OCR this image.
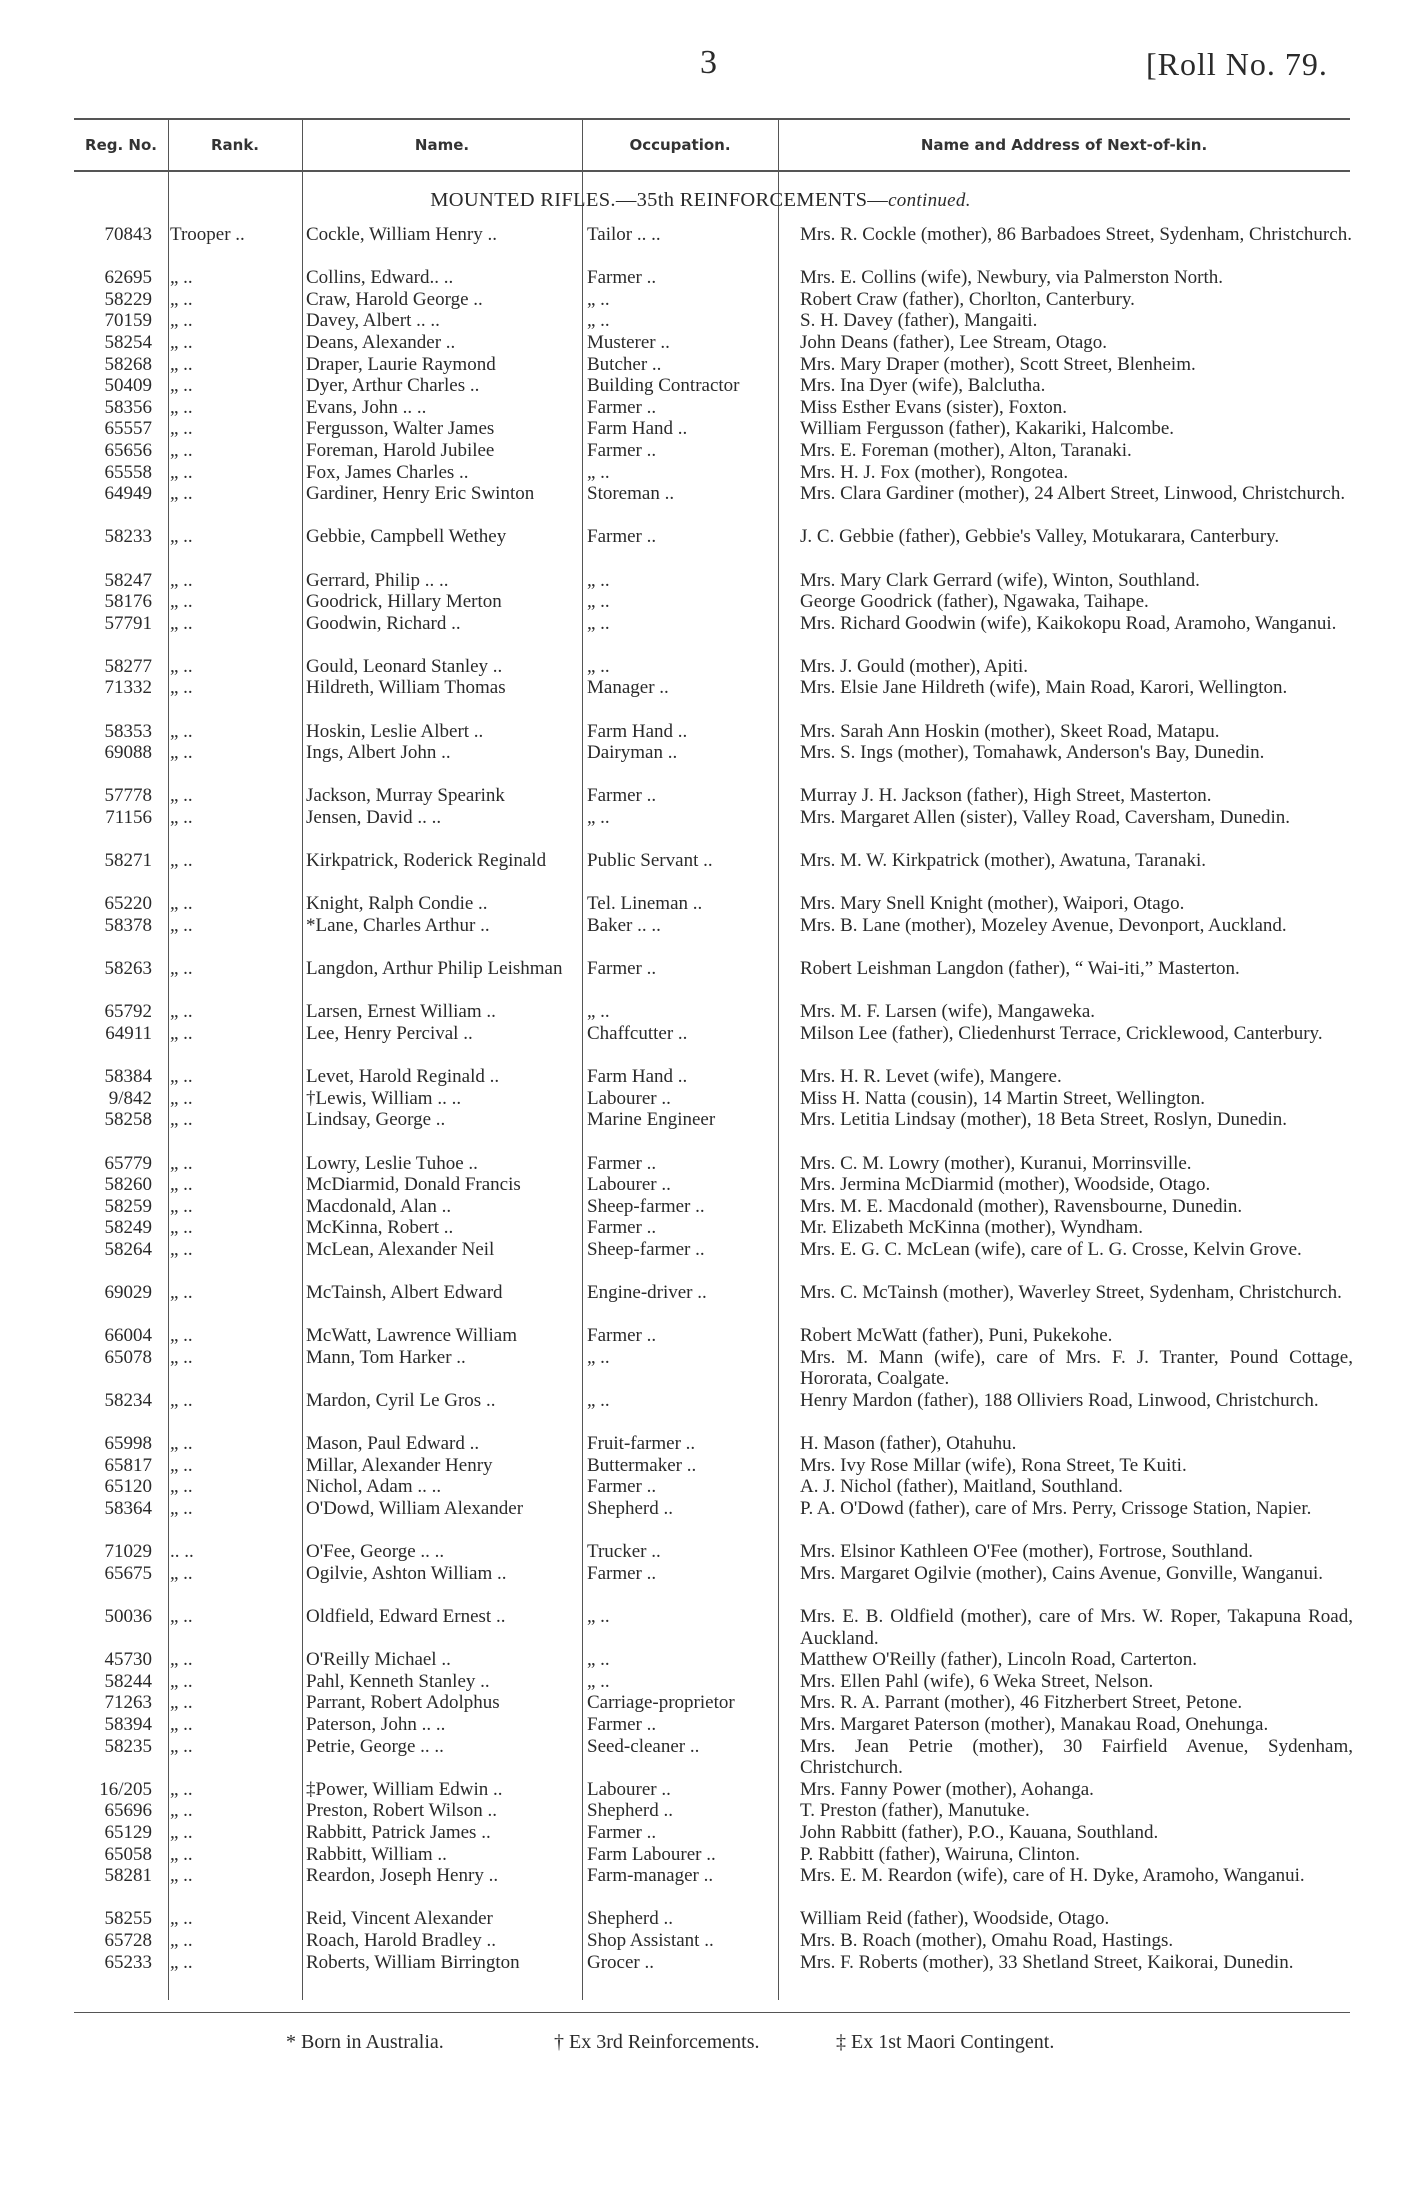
3	[Roll No. 79.
Reg. No.	Rank.	Name.	Occupation.	Name and Address of Next-of-kin.
MOUNTED RIFLES.—35th REINFORCEMENTS—continued.
70843 Trooper ..	Cockle, William Henry ..	Tailor .. ..	Mrs. R. Cockle (mother), 86 Barbadoes Street, Sydenham, Christchurch.
62695 „ ..	Collins, Edward.. ..	Farmer ..	Mrs. E. Collins (wife), Newbury, via Palmerston North.
58229 „ ..	Craw, Harold George ..	„ ..	Robert Craw (father), Chorlton, Canterbury.
70159 „ ..	Davey, Albert .. ..	„ ..	S. H. Davey (father), Mangaiti.
58254 „ ..	Deans, Alexander ..	Musterer ..	John Deans (father), Lee Stream, Otago.
58268 „ ..	Draper, Laurie Raymond	Butcher ..	Mrs. Mary Draper (mother), Scott Street, Blenheim.
50409 „ ..	Dyer, Arthur Charles ..	Building Contractor	Mrs. Ina Dyer (wife), Balclutha.
58356 „ ..	Evans, John .. ..	Farmer ..	Miss Esther Evans (sister), Foxton.
65557 „ ..	Fergusson, Walter James	Farm Hand ..	William Fergusson (father), Kakariki, Halcombe.
65656 „ ..	Foreman, Harold Jubilee	Farmer ..	Mrs. E. Foreman (mother), Alton, Taranaki.
65558 „ ..	Fox, James Charles ..	„ ..	Mrs. H. J. Fox (mother), Rongotea.
64949 „ ..	Gardiner, Henry Eric Swinton	Storeman ..	Mrs. Clara Gardiner (mother), 24 Albert Street, Linwood, Christchurch.
58233 „ ..	Gebbie, Campbell Wethey	Farmer ..	J. C. Gebbie (father), Gebbie's Valley, Motukarara, Canterbury.
58247 „ ..	Gerrard, Philip .. ..	„ ..	Mrs. Mary Clark Gerrard (wife), Winton, Southland.
58176 „ ..	Goodrick, Hillary Merton	„ ..	George Goodrick (father), Ngawaka, Taihape.
57791 „ ..	Goodwin, Richard ..	„ ..	Mrs. Richard Goodwin (wife), Kaikokopu Road, Aramoho, Wanganui.
58277 „ ..	Gould, Leonard Stanley ..	„ ..	Mrs. J. Gould (mother), Apiti.
71332 „ ..	Hildreth, William Thomas	Manager ..	Mrs. Elsie Jane Hildreth (wife), Main Road, Karori, Wellington.
58353 „ ..	Hoskin, Leslie Albert ..	Farm Hand ..	Mrs. Sarah Ann Hoskin (mother), Skeet Road, Matapu.
69088 „ ..	Ings, Albert John ..	Dairyman ..	Mrs. S. Ings (mother), Tomahawk, Anderson's Bay, Dunedin.
57778 „ ..	Jackson, Murray Spearink	Farmer ..	Murray J. H. Jackson (father), High Street, Masterton.
71156 „ ..	Jensen, David .. ..	„ ..	Mrs. Margaret Allen (sister), Valley Road, Caversham, Dunedin.
58271 „ ..	Kirkpatrick, Roderick Reginald	Public Servant ..	Mrs. M. W. Kirkpatrick (mother), Awatuna, Taranaki.
65220 „ ..	Knight, Ralph Condie ..	Tel. Lineman ..	Mrs. Mary Snell Knight (mother), Waipori, Otago.
58378 „ ..	*Lane, Charles Arthur ..	Baker .. ..	Mrs. B. Lane (mother), Mozeley Avenue, Devonport, Auckland.
58263 „ ..	Langdon, Arthur Philip Leishman	Farmer ..	Robert Leishman Langdon (father), “ Wai-iti,” Masterton.
65792 „ ..	Larsen, Ernest William ..	„ ..	Mrs. M. F. Larsen (wife), Mangaweka.
64911 „ ..	Lee, Henry Percival ..	Chaffcutter ..	Milson Lee (father), Cliedenhurst Terrace, Cricklewood, Canterbury.
58384 „ ..	Levet, Harold Reginald ..	Farm Hand ..	Mrs. H. R. Levet (wife), Mangere.
9/842 „ ..	†Lewis, William .. ..	Labourer ..	Miss H. Natta (cousin), 14 Martin Street, Wellington.
58258 „ ..	Lindsay, George ..	Marine Engineer	Mrs. Letitia Lindsay (mother), 18 Beta Street, Roslyn, Dunedin.
65779 „ ..	Lowry, Leslie Tuhoe ..	Farmer ..	Mrs. C. M. Lowry (mother), Kuranui, Morrinsville.
58260 „ ..	McDiarmid, Donald Francis	Labourer ..	Mrs. Jermina McDiarmid (mother), Woodside, Otago.
58259 „ ..	Macdonald, Alan ..	Sheep-farmer ..	Mrs. M. E. Macdonald (mother), Ravensbourne, Dunedin.
58249 „ ..	McKinna, Robert ..	Farmer ..	Mr. Elizabeth McKinna (mother), Wyndham.
58264 „ ..	McLean, Alexander Neil	Sheep-farmer ..	Mrs. E. G. C. McLean (wife), care of L. G. Crosse, Kelvin Grove.
69029 „ ..	McTainsh, Albert Edward	Engine-driver ..	Mrs. C. McTainsh (mother), Waverley Street, Sydenham, Christchurch.
66004 „ ..	McWatt, Lawrence William	Farmer ..	Robert McWatt (father), Puni, Pukekohe.
65078 „ ..	Mann, Tom Harker ..	„ ..	Mrs. M. Mann (wife), care of Mrs. F. J. Tranter, Pound Cottage, Hororata, Coalgate.
58234 „ ..	Mardon, Cyril Le Gros ..	„ ..	Henry Mardon (father), 188 Olliviers Road, Linwood, Christchurch.
65998 „ ..	Mason, Paul Edward ..	Fruit-farmer ..	H. Mason (father), Otahuhu.
65817 „ ..	Millar, Alexander Henry	Buttermaker ..	Mrs. Ivy Rose Millar (wife), Rona Street, Te Kuiti.
65120 „ ..	Nichol, Adam .. ..	Farmer ..	A. J. Nichol (father), Maitland, Southland.
58364 „ ..	O'Dowd, William Alexander	Shepherd ..	P. A. O'Dowd (father), care of Mrs. Perry, Crissoge Station, Napier.
71029 .. ..	O'Fee, George .. ..	Trucker ..	Mrs. Elsinor Kathleen O'Fee (mother), Fortrose, Southland.
65675 „ ..	Ogilvie, Ashton William ..	Farmer ..	Mrs. Margaret Ogilvie (mother), Cains Avenue, Gonville, Wanganui.
50036 „ ..	Oldfield, Edward Ernest ..	„ ..	Mrs. E. B. Oldfield (mother), care of Mrs. W. Roper, Takapuna Road, Auckland.
45730 „ ..	O'Reilly Michael ..	„ ..	Matthew O'Reilly (father), Lincoln Road, Carterton.
58244 „ ..	Pahl, Kenneth Stanley ..	„ ..	Mrs. Ellen Pahl (wife), 6 Weka Street, Nelson.
71263 „ ..	Parrant, Robert Adolphus	Carriage-proprietor	Mrs. R. A. Parrant (mother), 46 Fitzherbert Street, Petone.
58394 „ ..	Paterson, John .. ..	Farmer ..	Mrs. Margaret Paterson (mother), Manakau Road, Onehunga.
58235 „ ..	Petrie, George .. ..	Seed-cleaner ..	Mrs. Jean Petrie (mother), 30 Fairfield Avenue, Sydenham, Christchurch.
16/205 „ ..	‡Power, William Edwin ..	Labourer ..	Mrs. Fanny Power (mother), Aohanga.
65696 „ ..	Preston, Robert Wilson ..	Shepherd ..	T. Preston (father), Manutuke.
65129 „ ..	Rabbitt, Patrick James ..	Farmer ..	John Rabbitt (father), P.O., Kauana, Southland.
65058 „ ..	Rabbitt, William ..	Farm Labourer ..	P. Rabbitt (father), Wairuna, Clinton.
58281 „ ..	Reardon, Joseph Henry ..	Farm-manager ..	Mrs. E. M. Reardon (wife), care of H. Dyke, Aramoho, Wanganui.
58255 „ ..	Reid, Vincent Alexander	Shepherd ..	William Reid (father), Woodside, Otago.
65728 „ ..	Roach, Harold Bradley ..	Shop Assistant ..	Mrs. B. Roach (mother), Omahu Road, Hastings.
65233 „ ..	Roberts, William Birrington	Grocer ..	Mrs. F. Roberts (mother), 33 Shetland Street, Kaikorai, Dunedin.
* Born in Australia.	† Ex 3rd Reinforcements.	‡ Ex 1st Maori Contingent.
